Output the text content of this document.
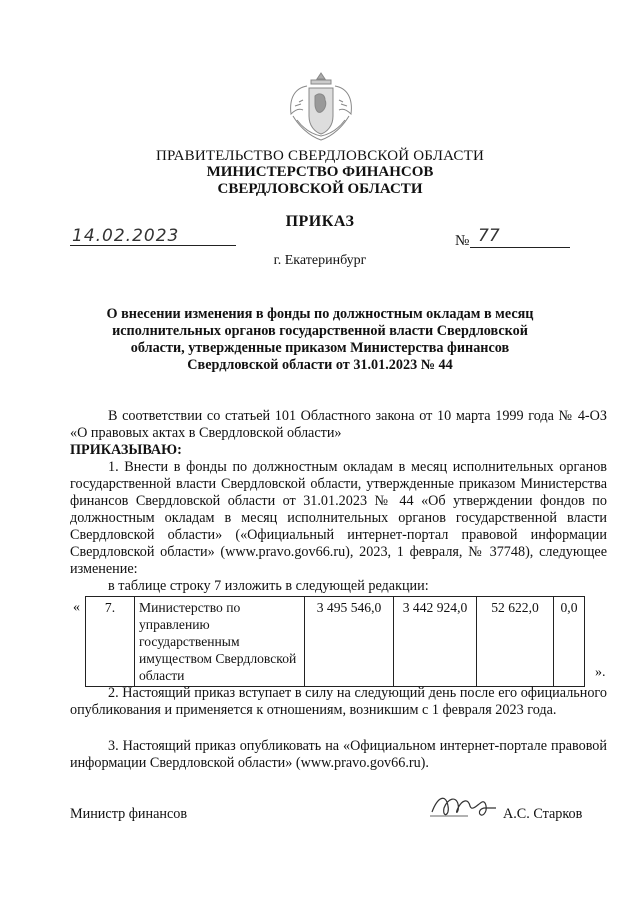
ПРАВИТЕЛЬСТВО СВЕРДЛОВСКОЙ ОБЛАСТИ
МИНИСТЕРСТВО ФИНАНСОВ
СВЕРДЛОВСКОЙ ОБЛАСТИ
ПРИКАЗ
14.02.2023	№ 77
г. Екатеринбург
О внесении изменения в фонды по должностным окладам в месяц исполнительных органов государственной власти Свердловской области, утвержденные приказом Министерства финансов Свердловской области от 31.01.2023 № 44
В соответствии со статьей 101 Областного закона от 10 марта 1999 года № 4-ОЗ «О правовых актах в Свердловской области»
ПРИКАЗЫВАЮ:
1. Внести в фонды по должностным окладам в месяц исполнительных органов государственной власти Свердловской области, утвержденные приказом Министерства финансов Свердловской области от 31.01.2023 № 44 «Об утверждении фондов по должностным окладам в месяц исполнительных органов государственной власти Свердловской области» («Официальный интернет-портал правовой информации Свердловской области» (www.pravo.gov66.ru), 2023, 1 февраля, № 37748), следующее изменение:
в таблице строку 7 изложить в следующей редакции:
« 7.	Министерство по управлению государственным имуществом Свердловской области	3 495 546,0	3 442 924,0	52 622,0	0,0
».
2. Настоящий приказ вступает в силу на следующий день после его официального опубликования и применяется к отношениям, возникшим с 1 февраля 2023 года.
3. Настоящий приказ опубликовать на «Официальном интернет-портале правовой информации Свердловской области» (www.pravo.gov66.ru).
Министр финансов	А.С. Старков
